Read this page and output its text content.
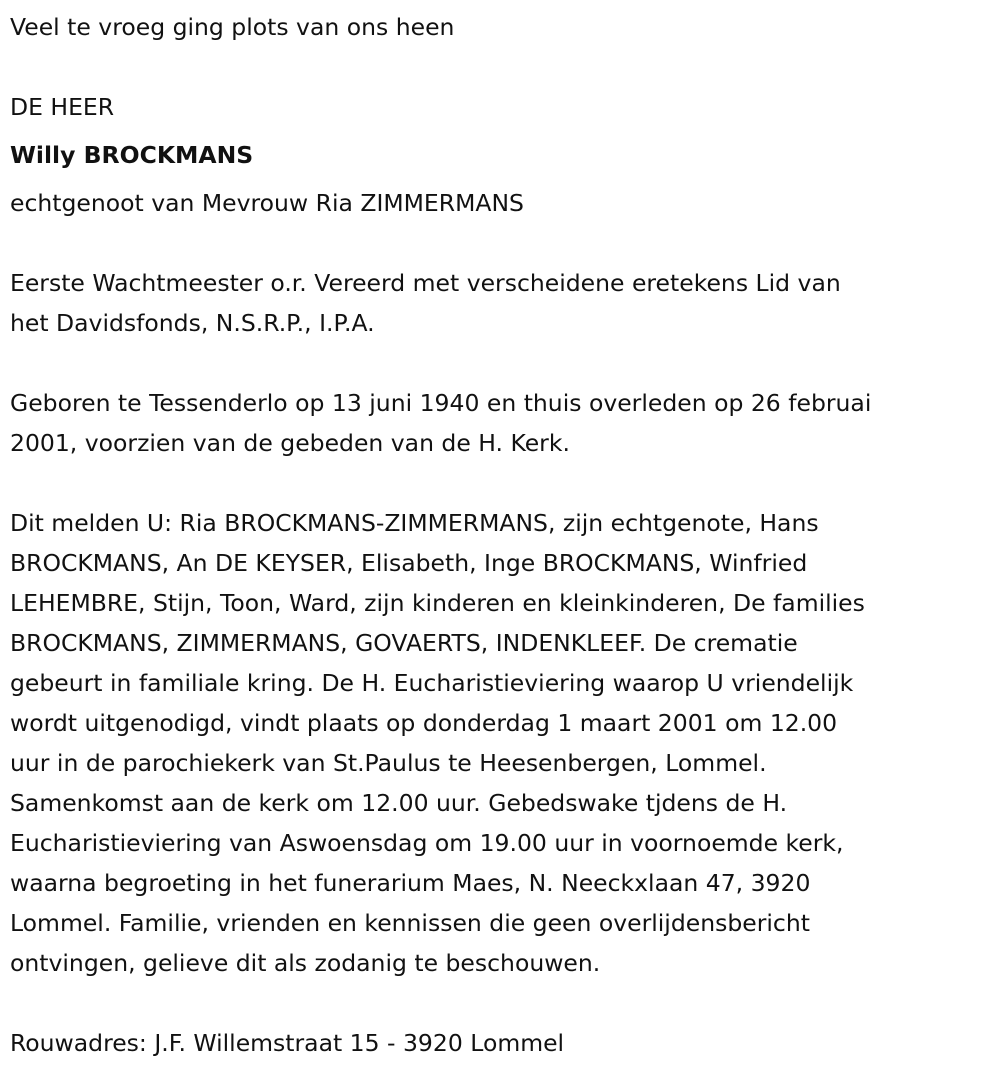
Veel te vroeg ging plots van ons heen

DE HEER

Willy BROCKMANS

echtgenoot van Mevrouw Ria ZIMMERMANS

Eerste Wachtmeester o.r. Vereerd met verscheidene eretekens Lid van

het Davidsfonds, N.S.R.P., I.P.A.

Geboren te Tessenderlo op 13 juni 1940 en thuis overleden op 26 februai

2001, voorzien van de gebeden van de H. Kerk.

Dit melden U: Ria BROCKMANS-ZIMMERMANS, zijn echtgenote, Hans

BROCKMANS, An DE KEYSER, Elisabeth, Inge BROCKMANS, Winfried

LEHEMBRE, Stijn, Toon, Ward, zijn kinderen en kleinkinderen, De families

BROCKMANS, ZIMMERMANS, GOVAERTS, INDENKLEEF. De crematie

gebeurt in familiale kring. De H. Eucharistieviering waarop U vriendelijk

wordt uitgenodigd, vindt plaats op donderdag 1 maart 2001 om 12.00

uur in de parochiekerk van St.Paulus te Heesenbergen, Lommel.

Samenkomst aan de kerk om 12.00 uur. Gebedswake tjdens de H.

Eucharistieviering van Aswoensdag om 19.00 uur in voornoemde kerk,

waarna begroeting in het funerarium Maes, N. Neeckxlaan 47, 3920

Lommel. Familie, vrienden en kennissen die geen overlijdensbericht

ontvingen, gelieve dit als zodanig te beschouwen.

Rouwadres: J.F. Willemstraat 15 - 3920 Lommel
